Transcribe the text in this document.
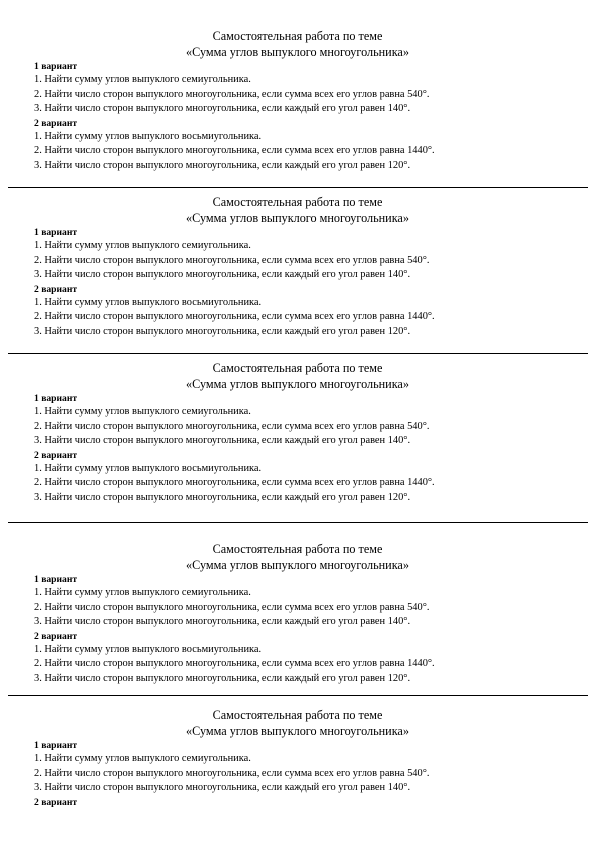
Самостоятельная работа по теме
«Сумма углов выпуклого многоугольника»
1 вариант
1. Найти сумму углов выпуклого семиугольника.
2. Найти число сторон выпуклого многоугольника, если сумма всех его углов равна 540°.
3. Найти число сторон выпуклого многоугольника, если каждый его угол равен 140°.
2 вариант
1. Найти сумму углов выпуклого восьмиугольника.
2. Найти число сторон выпуклого многоугольника, если сумма всех его углов равна 1440°.
3. Найти число сторон выпуклого многоугольника, если каждый его угол равен 120°.
Самостоятельная работа по теме
«Сумма углов выпуклого многоугольника»
1 вариант
1. Найти сумму углов выпуклого семиугольника.
2. Найти число сторон выпуклого многоугольника, если сумма всех его углов равна 540°.
3. Найти число сторон выпуклого многоугольника, если каждый его угол равен 140°.
2 вариант
1. Найти сумму углов выпуклого восьмиугольника.
2. Найти число сторон выпуклого многоугольника, если сумма всех его углов равна 1440°.
3. Найти число сторон выпуклого многоугольника, если каждый его угол равен 120°.
Самостоятельная работа по теме
«Сумма углов выпуклого многоугольника»
1 вариант
1. Найти сумму углов выпуклого семиугольника.
2. Найти число сторон выпуклого многоугольника, если сумма всех его углов равна 540°.
3. Найти число сторон выпуклого многоугольника, если каждый его угол равен 140°.
2 вариант
1. Найти сумму углов выпуклого восьмиугольника.
2. Найти число сторон выпуклого многоугольника, если сумма всех его углов равна 1440°.
3. Найти число сторон выпуклого многоугольника, если каждый его угол равен 120°.
Самостоятельная работа по теме
«Сумма углов выпуклого многоугольника»
1 вариант
1. Найти сумму углов выпуклого семиугольника.
2. Найти число сторон выпуклого многоугольника, если сумма всех его углов равна 540°.
3. Найти число сторон выпуклого многоугольника, если каждый его угол равен 140°.
2 вариант
1. Найти сумму углов выпуклого восьмиугольника.
2. Найти число сторон выпуклого многоугольника, если сумма всех его углов равна 1440°.
3. Найти число сторон выпуклого многоугольника, если каждый его угол равен 120°.
Самостоятельная работа по теме
«Сумма углов выпуклого многоугольника»
1 вариант
1. Найти сумму углов выпуклого семиугольника.
2. Найти число сторон выпуклого многоугольника, если сумма всех его углов равна 540°.
3. Найти число сторон выпуклого многоугольника, если каждый его угол равен 140°.
2 вариант
